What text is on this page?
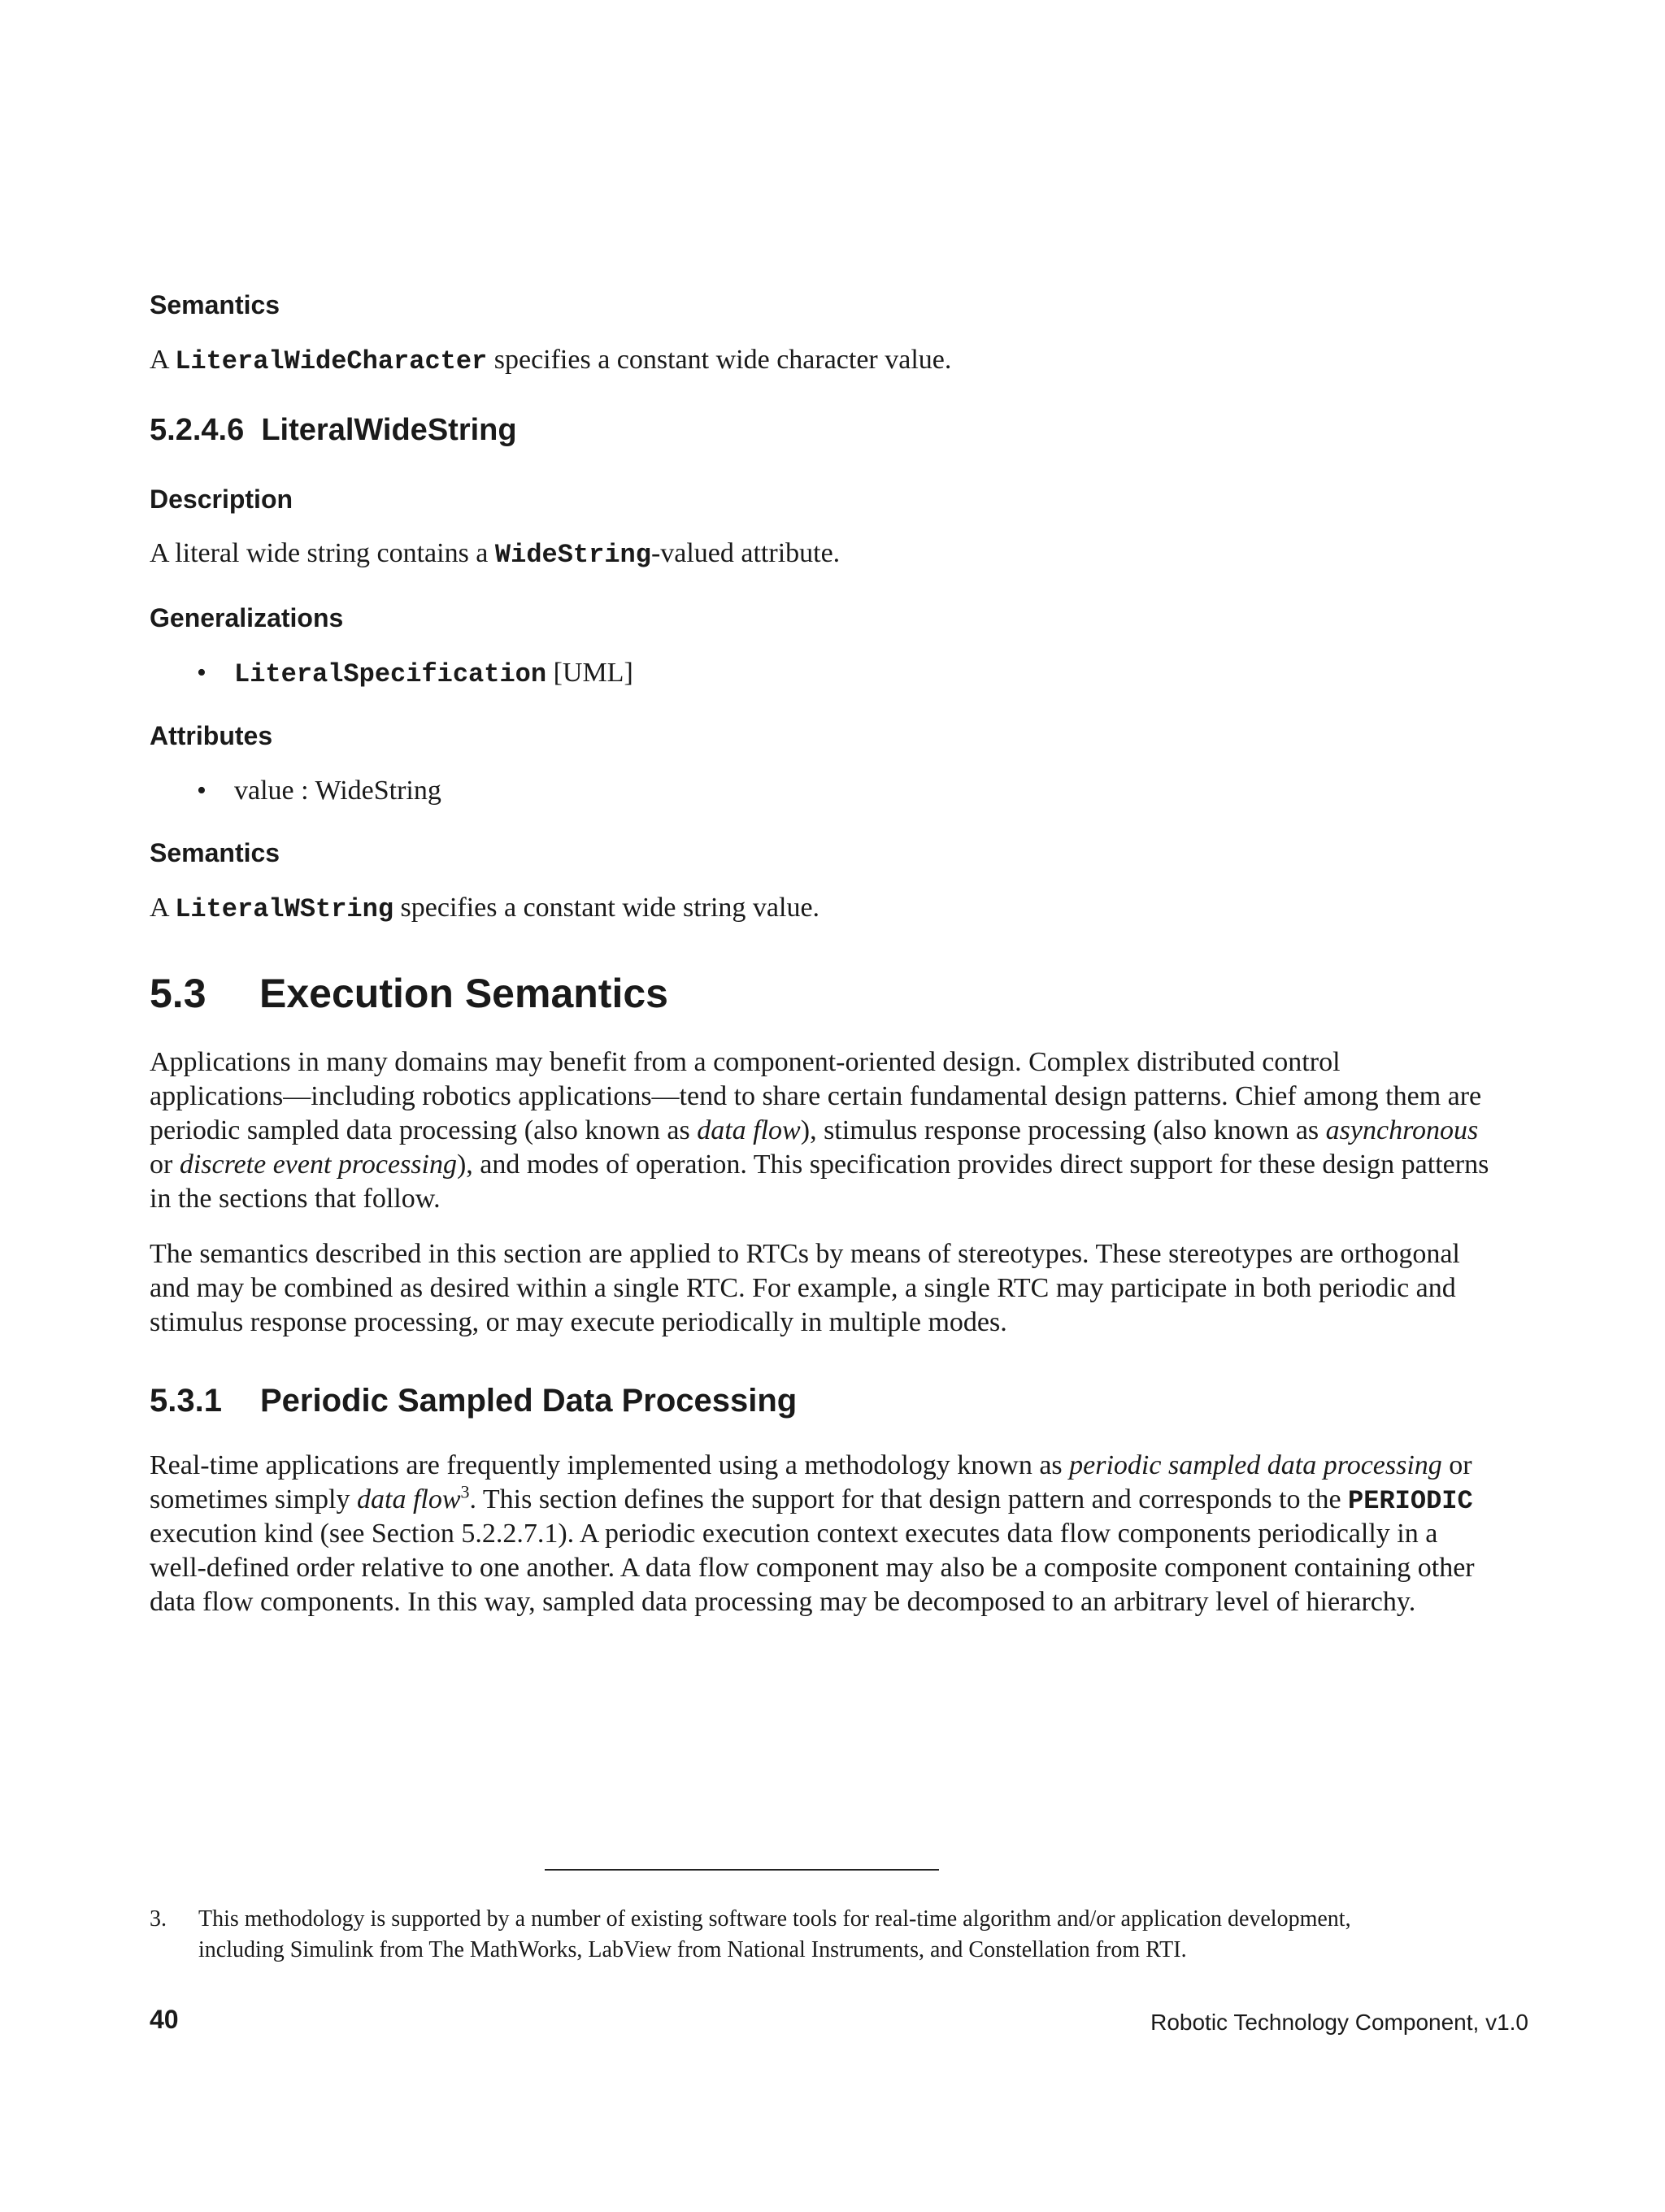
Semantics
A LiteralWideCharacter specifies a constant wide character value.
5.2.4.6 LiteralWideString
Description
A literal wide string contains a WideString-valued attribute.
Generalizations
• LiteralSpecification [UML]
Attributes
• value : WideString
Semantics
A LiteralWString specifies a constant wide string value.
5.3 Execution Semantics
Applications in many domains may benefit from a component-oriented design. Complex distributed control
applications—including robotics applications—tend to share certain fundamental design patterns. Chief among them are
periodic sampled data processing (also known as data flow), stimulus response processing (also known as asynchronous
or discrete event processing), and modes of operation. This specification provides direct support for these design patterns
in the sections that follow.
The semantics described in this section are applied to RTCs by means of stereotypes. These stereotypes are orthogonal
and may be combined as desired within a single RTC. For example, a single RTC may participate in both periodic and
stimulus response processing, or may execute periodically in multiple modes.
5.3.1 Periodic Sampled Data Processing
Real-time applications are frequently implemented using a methodology known as periodic sampled data processing or
sometimes simply data flow$^3$. This section defines the support for that design pattern and corresponds to the PERIODIC
execution kind (see Section 5.2.2.7.1). A periodic execution context executes data flow components periodically in a
well-defined order relative to one another. A data flow component may also be a composite component containing other
data flow components. In this way, sampled data processing may be decomposed to an arbitrary level of hierarchy.
3. This methodology is supported by a number of existing software tools for real-time algorithm and/or application development,
including Simulink from The MathWorks, LabView from National Instruments, and Constellation from RTI.
40	Robotic Technology Component, v1.0
